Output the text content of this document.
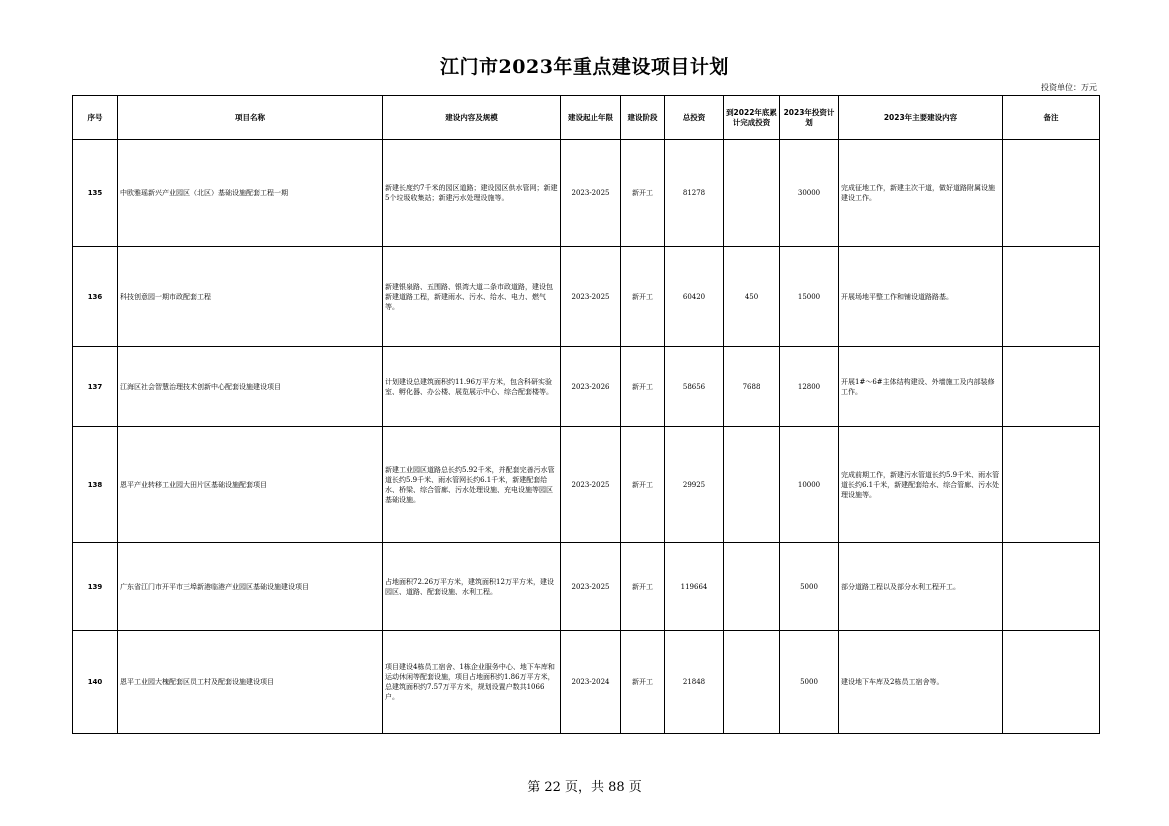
江门市2023年重点建设项目计划
投资单位：万元
序号	项目名称	建设内容及规模	建设起止年限	建设阶段	总投资	到2022年底累计完成投资	2023年投资计划	2023年主要建设内容	备注
135	中欧雅瑶新兴产业园区（北区）基础设施配套工程一期	新建长度约7千米的园区道路；建设园区供水管网；新建5个垃圾收集站；新建污水处理设施等。	2023-2025	新开工	81278		30000	完成征地工作，新建主次干道，做好道路附属设施建设工作。	
136	科技创意园一期市政配套工程	新建银泉路、五围路、银湾大道二条市政道路，建设包新建道路工程，新建雨水、污水、给水、电力、燃气等。	2023-2025	新开工	60420	450	15000	开展场地平整工作和铺设道路路基。	
137	江海区社会智慧治理技术创新中心配套设施建设项目	计划建设总建筑面积约11.96万平方米，包含科研实验室、孵化器、办公楼、展览展示中心、综合配套楼等。	2023-2026	新开工	58656	7688	12800	开展1#～6#主体结构建设、外墙施工及内部装修工作。	
138	恩平产业转移工业园大田片区基础设施配套项目	新建工业园区道路总长约5.92千米，并配套完善污水管道长约5.9千米、雨水管网长约6.1千米，新建配套给水、桥梁、综合管廊、污水处理设施、充电设施等园区基础设施。	2023-2025	新开工	29925		10000	完成前期工作，新建污水管道长约5.9千米、雨水管道长约6.1千米，新建配套给水、综合管廊、污水处理设施等。	
139	广东省江门市开平市三埠新港临港产业园区基础设施建设项目	占地面积72.26万平方米，建筑面积12万平方米，建设园区、道路、配套设施、水利工程。	2023-2025	新开工	119664		5000	部分道路工程以及部分水利工程开工。	
140	恩平工业园大槐配套区员工村及配套设施建设项目	项目建设4栋员工宿舍、1栋企业服务中心、地下车库和运动休闲等配套设施，项目占地面积约1.86万平方米，总建筑面积约7.57万平方米，规划设置户数共1066户。	2023-2024	新开工	21848		5000	建设地下车库及2栋员工宿舍等。	
第 22 页，共 88 页
